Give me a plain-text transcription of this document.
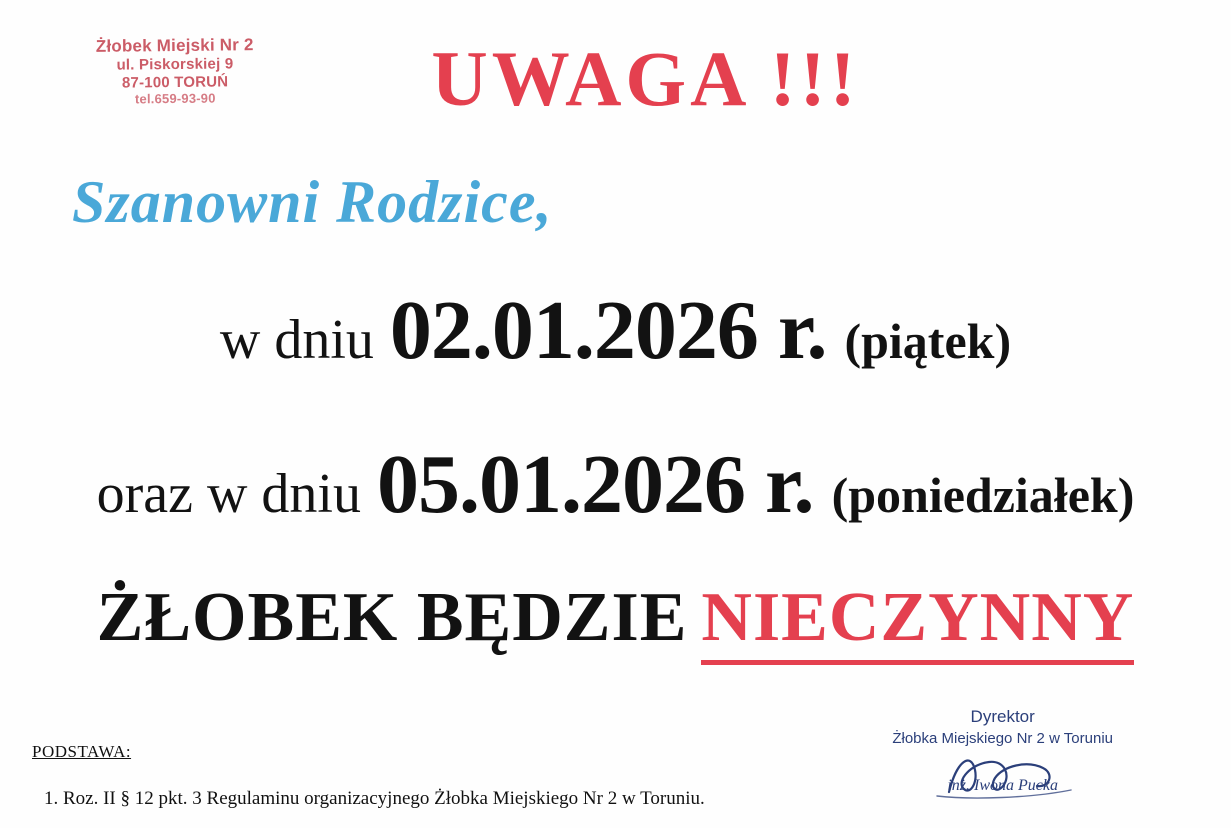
Żłobek Miejski Nr 2
ul. Piskorskiej 9
87-100 TORUŃ
tel.659-93-90	UWAGA !!!
Szanowni Rodzice,
w dniu 02.01.2026 r. (piątek)
oraz w dniu 05.01.2026 r. (poniedziałek)
ŻŁOBEK BĘDZIE NIECZYNNY
PODSTAWA:
1. Roz. II § 12 pkt. 3 Regulaminu organizacyjnego Żłobka Miejskiego Nr 2 w Toruniu.
Dyrektor
Żłobka Miejskiego Nr 2 w Toruniu
inż. Iwona Pucka
